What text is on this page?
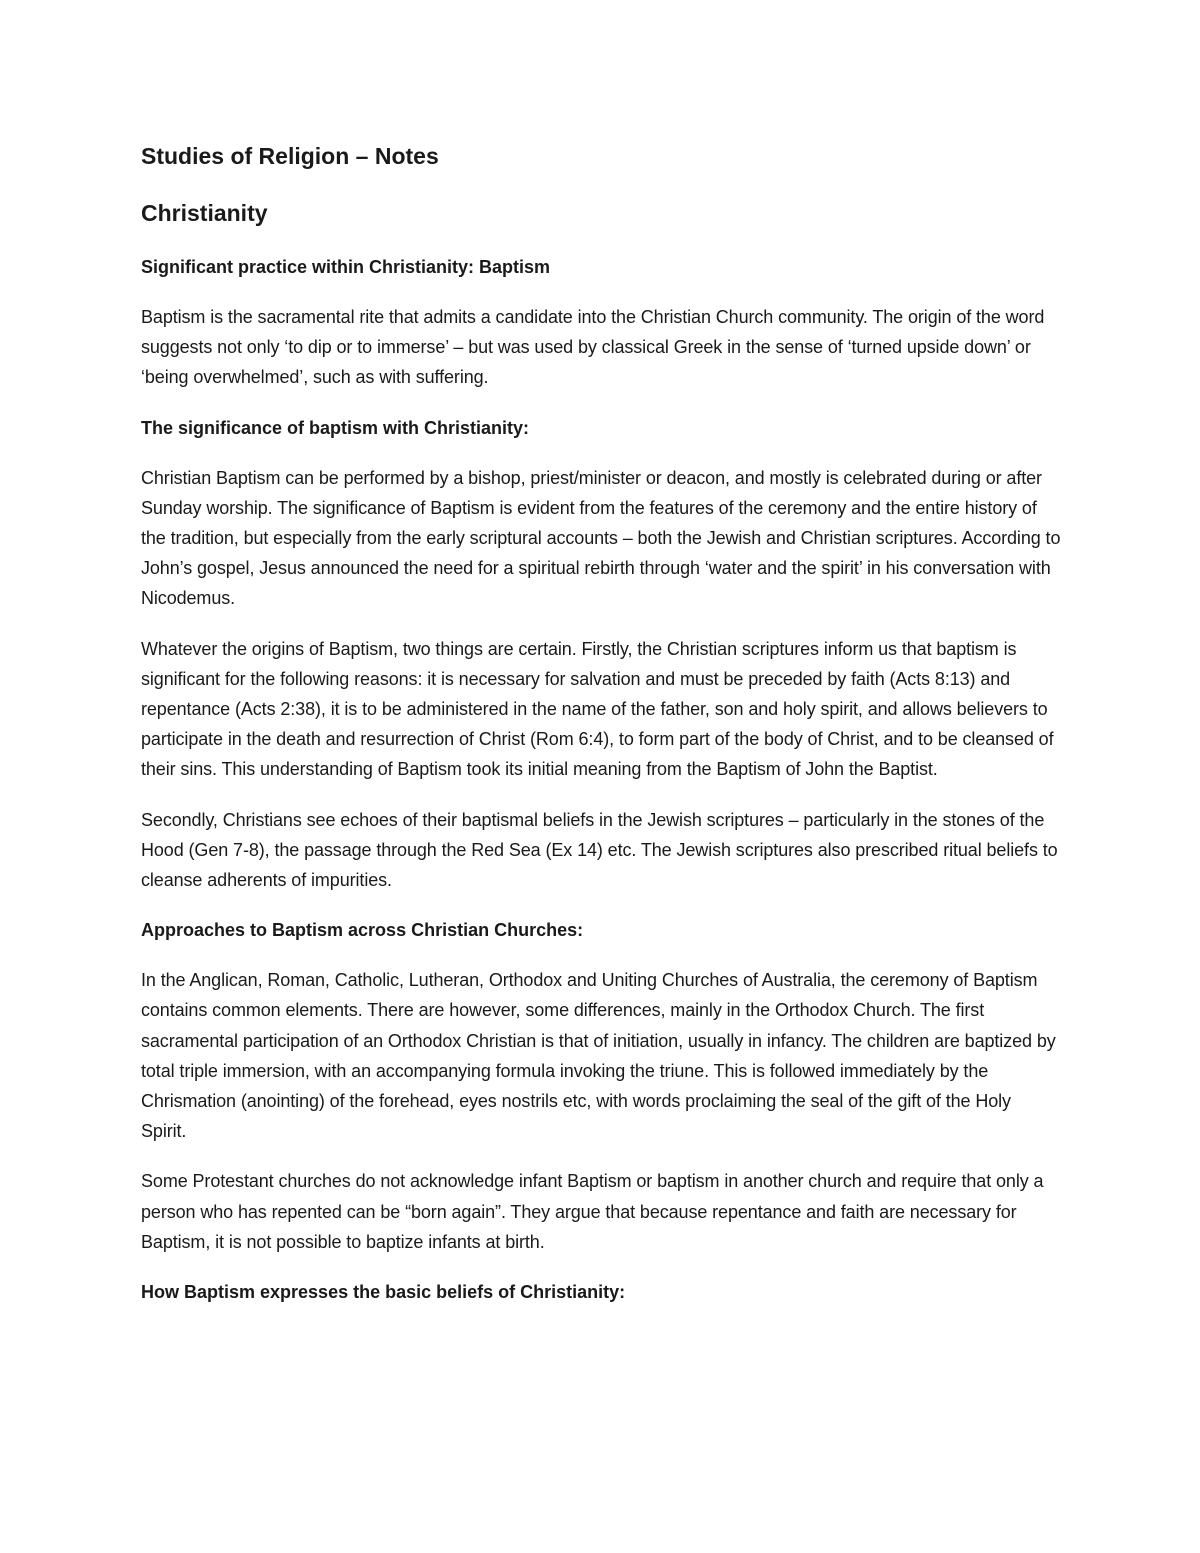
Studies of Religion – Notes
Christianity
Significant practice within Christianity: Baptism

Baptism is the sacramental rite that admits a candidate into the Christian Church community. The origin of the word suggests not only ‘to dip or to immerse’ – but was used by classical Greek in the sense of ‘turned upside down’ or ‘being overwhelmed’, such as with suffering.

The significance of baptism with Christianity:

Christian Baptism can be performed by a bishop, priest/minister or deacon, and mostly is celebrated during or after Sunday worship. The significance of Baptism is evident from the features of the ceremony and the entire history of the tradition, but especially from the early scriptural accounts – both the Jewish and Christian scriptures. According to John’s gospel, Jesus announced the need for a spiritual rebirth through ‘water and the spirit’ in his conversation with Nicodemus.

Whatever the origins of Baptism, two things are certain. Firstly, the Christian scriptures inform us that baptism is significant for the following reasons: it is necessary for salvation and must be preceded by faith (Acts 8:13) and repentance (Acts 2:38), it is to be administered in the name of the father, son and holy spirit, and allows believers to participate in the death and resurrection of Christ (Rom 6:4), to form part of the body of Christ, and to be cleansed of their sins. This understanding of Baptism took its initial meaning from the Baptism of John the Baptist.

Secondly, Christians see echoes of their baptismal beliefs in the Jewish scriptures – particularly in the stones of the Hood (Gen 7-8), the passage through the Red Sea (Ex 14) etc. The Jewish scriptures also prescribed ritual beliefs to cleanse adherents of impurities.

Approaches to Baptism across Christian Churches:

In the Anglican, Roman, Catholic, Lutheran, Orthodox and Uniting Churches of Australia, the ceremony of Baptism contains common elements. There are however, some differences, mainly in the Orthodox Church. The first sacramental participation of an Orthodox Christian is that of initiation, usually in infancy. The children are baptized by total triple immersion, with an accompanying formula invoking the triune. This is followed immediately by the Chrismation (anointing) of the forehead, eyes nostrils etc, with words proclaiming the seal of the gift of the Holy Spirit.

Some Protestant churches do not acknowledge infant Baptism or baptism in another church and require that only a person who has repented can be “born again”. They argue that because repentance and faith are necessary for Baptism, it is not possible to baptize infants at birth.

How Baptism expresses the basic beliefs of Christianity:
